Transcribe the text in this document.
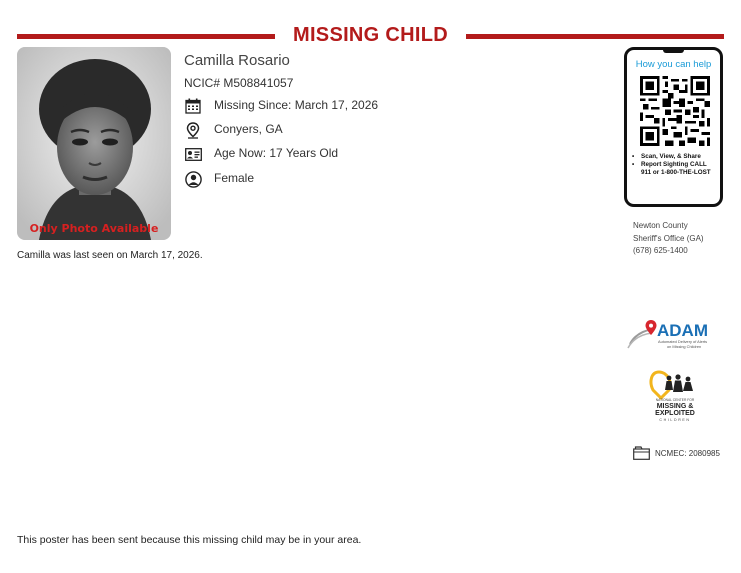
MISSING CHILD
Only Photo Available
Camilla Rosario
NCIC# M508841057
Missing Since: March 17, 2026
Conyers, GA
Age Now: 17 Years Old
Female
Camilla was last seen on March 17, 2026.
How you can help
• Scan, View, & Share
• Report Sighting CALL 911 or 1-800-THE-LOST
Newton County
Sheriff's Office (GA)
(678) 625-1400
ADAM
Automated Delivery of Alerts
on Missing Children
NATIONAL CENTER FOR
MISSING &
EXPLOITED
CHILDREN
NCMEC: 2080985
This poster has been sent because this missing child may be in your area.
